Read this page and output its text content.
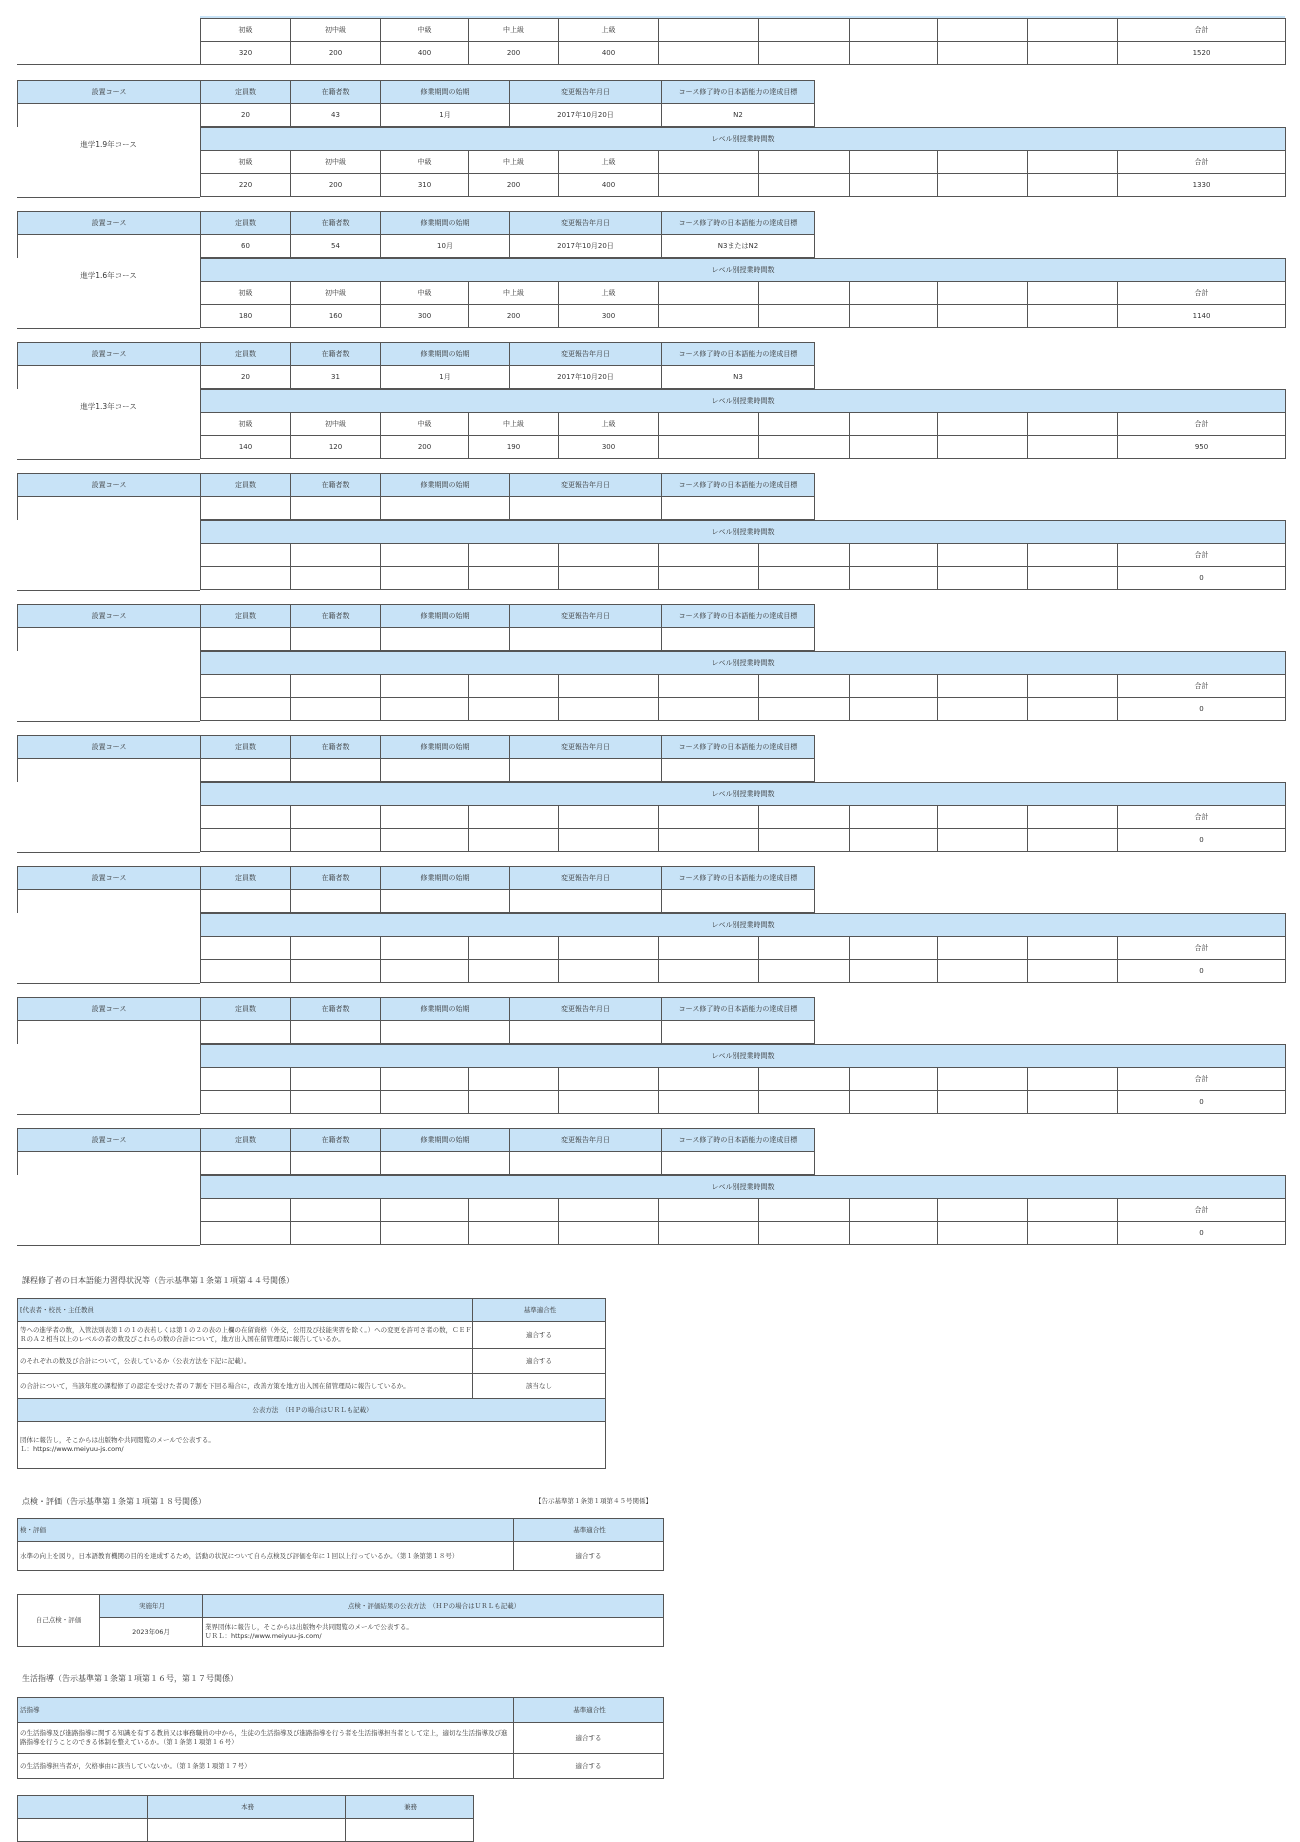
初級	初中級	中級	中上級	上級						合計
320	200	400	200	400						1520
設置コース	定員数	在籍者数	修業期間の始期	変更報告年月日	コース修了時の日本語能力の達成目標
	20	43	1月	2017年10月20日	N2
進学1.9年コース
レベル別授業時間数										
初級	初中級	中級	中上級	上級						合計
220	200	310	200	400						1330
設置コース	定員数	在籍者数	修業期間の始期	変更報告年月日	コース修了時の日本語能力の達成目標
	60	54	10月	2017年10月20日	N3またはN2
進学1.6年コース
レベル別授業時間数										
初級	初中級	中級	中上級	上級						合計
180	160	300	200	300						1140
設置コース	定員数	在籍者数	修業期間の始期	変更報告年月日	コース修了時の日本語能力の達成目標
	20	31	1月	2017年10月20日	N3
進学1.3年コース
レベル別授業時間数										
初級	初中級	中級	中上級	上級						合計
140	120	200	190	300						950
設置コース	定員数	在籍者数	修業期間の始期	変更報告年月日	コース修了時の日本語能力の達成目標

レベル別授業時間数										
										合計
										0
設置コース	定員数	在籍者数	修業期間の始期	変更報告年月日	コース修了時の日本語能力の達成目標

レベル別授業時間数										
										合計
										0
設置コース	定員数	在籍者数	修業期間の始期	変更報告年月日	コース修了時の日本語能力の達成目標

レベル別授業時間数										
										合計
										0
設置コース	定員数	在籍者数	修業期間の始期	変更報告年月日	コース修了時の日本語能力の達成目標

レベル別授業時間数										
										合計
										0
設置コース	定員数	在籍者数	修業期間の始期	変更報告年月日	コース修了時の日本語能力の達成目標

レベル別授業時間数										
										合計
										0
設置コース	定員数	在籍者数	修業期間の始期	変更報告年月日	コース修了時の日本語能力の達成目標

レベル別授業時間数										
										合計
										0
課程修了者の日本語能力習得状況等（告示基準第１条第１項第４４号関係）
[代表者・校長・主任教員	基準適合性
等への進学者の数，入管法別表第１の１の表若しくは第１の２の表の上欄の在留資格（外交，公用及び技能実習を除く。）への変更を許可さ者の数，ＣＥＦＲのＡ２相当以上のレベルの者の数及びこれらの数の合計について，地方出入国在留管理局に報告しているか。	適合する
のそれぞれの数及び合計について，公表しているか（公表方法を下記に記載）。	適合する
の合計について，当該年度の課程修了の認定を受けた者の７割を下回る場合に，改善方策を地方出入国在留管理局に報告しているか。	該当なし
公表方法　（ＨＰの場合はＵＲＬも記載）	

団体に報告し，そこからは出版物や共同閲覧のメールで公表する。
Ｌ：https://www.meiyuu-js.com/	
点検・評価（告示基準第１条第１項第１８号関係）	【告示基準第１条第１項第４５号関係】
検・評価	基準適合性
水準の向上を図り，日本語教育機関の目的を達成するため，活動の状況について自ら点検及び評価を年に１回以上行っているか。（第１条第第１８号）	適合する
自己点検・評価	実施年月	点検・評価結果の公表方法　（ＨＰの場合はＵＲＬも記載）
	2023年06月	業界団体に報告し，そこからは出版物や共同閲覧のメールで公表する。
ＵＲＬ：https://www.meiyuu-js.com/
生活指導（告示基準第１条第１項第１６号，第１７号関係）
活指導	基準適合性
の生活指導及び進路指導に関する知識を有する教員又は事務職員の中から，生徒の生活指導及び進路指導を行う者を生活指導担当者として定上，適切な生活指導及び進路指導を行うことのできる体制を整えているか。（第１条第１項第１６号）	適合する
の生活指導担当者が，欠格事由に該当していないか。（第１条第１項第１７号）	適合する
	本務	兼務
